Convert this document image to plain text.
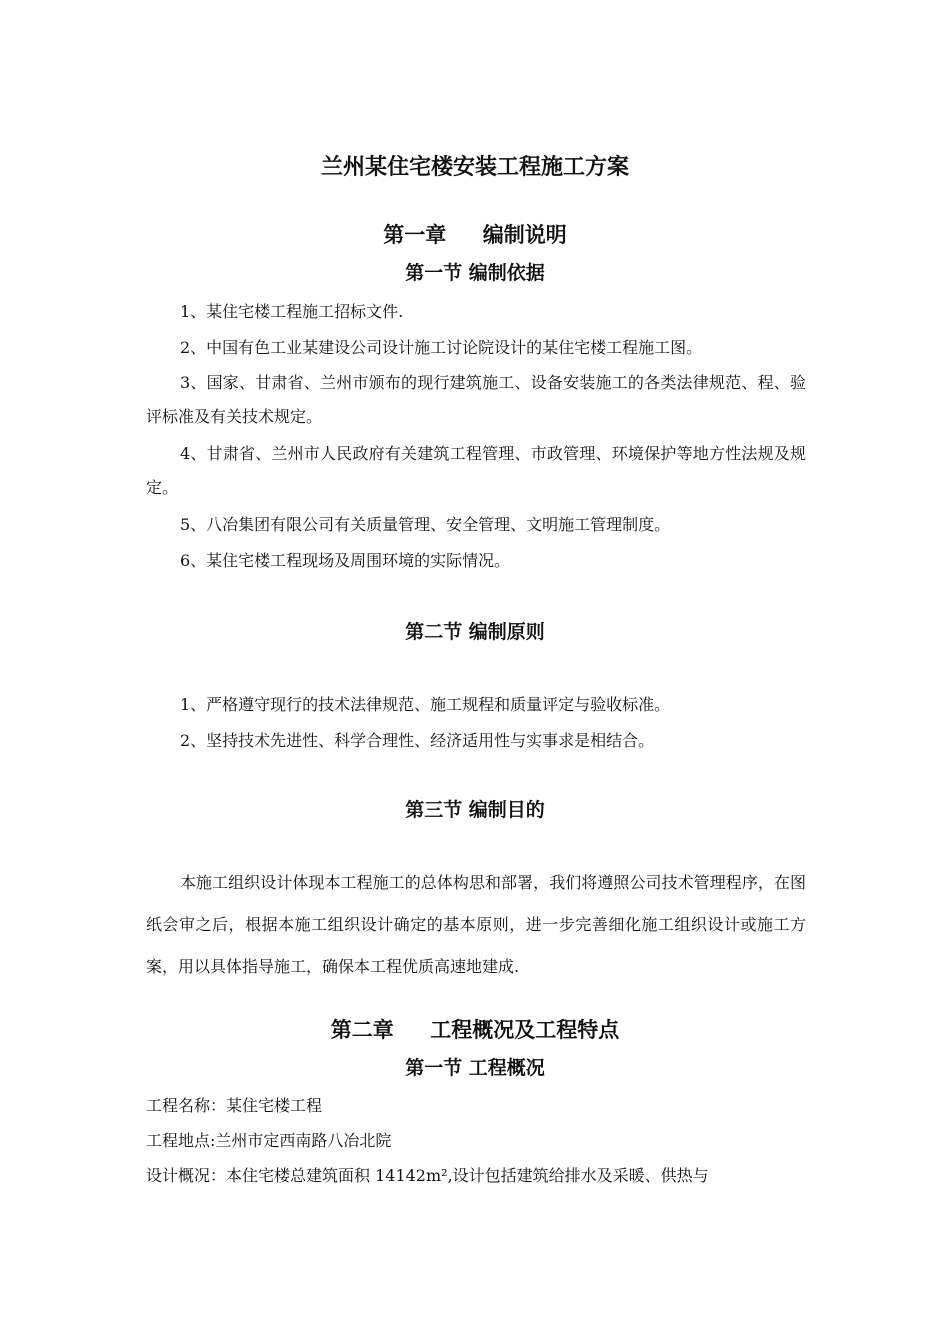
兰州某住宅楼安装工程施工方案
第一章     编制说明
第一节 编制依据

1、某住宅楼工程施工招标文件.

2、中国有色工业某建设公司设计施工讨论院设计的某住宅楼工程施工图。

3、国家、甘肃省、兰州市颁布的现行建筑施工、设备安装施工的各类法律规范、程、验评标准及有关技术规定。

4、甘肃省、兰州市人民政府有关建筑工程管理、市政管理、环境保护等地方性法规及规定。

5、八冶集团有限公司有关质量管理、安全管理、文明施工管理制度。

6、某住宅楼工程现场及周围环境的实际情况。

第二节 编制原则

1、严格遵守现行的技术法律规范、施工规程和质量评定与验收标准。

2、坚持技术先进性、科学合理性、经济适用性与实事求是相结合。

第三节 编制目的

本施工组织设计体现本工程施工的总体构思和部署，我们将遵照公司技术管理程序，在图纸会审之后，根据本施工组织设计确定的基本原则，进一步完善细化施工组织设计或施工方案，用以具体指导施工，确保本工程优质高速地建成.

第二章     工程概况及工程特点
第一节 工程概况

工程名称：某住宅楼工程

工程地点:兰州市定西南路八冶北院

设计概况：本住宅楼总建筑面积 14142m²,设计包括建筑给排水及采暖、供热与
